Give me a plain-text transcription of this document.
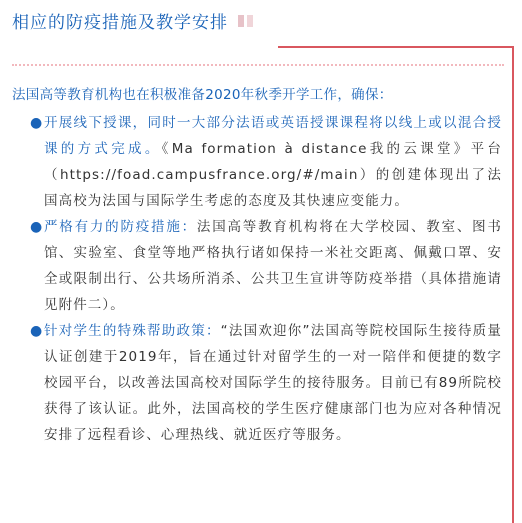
相应的防疫措施及教学安排

法国高等教育机构也在积极准备2020年秋季开学工作，确保：

● 开展线下授课，同时一大部分法语或英语授课课程将以线上或以混合授课的方式完成。《Ma formation à distance我的云课堂》平台（https://foad.campusfrance.org/#/main）的创建体现出了法国高校为法国与国际学生考虑的态度及其快速应变能力。
● 严格有力的防疫措施：法国高等教育机构将在大学校园、教室、图书馆、实验室、食堂等地严格执行诸如保持一米社交距离、佩戴口罩、安全或限制出行、公共场所消杀、公共卫生宣讲等防疫举措（具体措施请见附件二）。
● 针对学生的特殊帮助政策：“法国欢迎你”法国高等院校国际生接待质量认证创建于2019年，旨在通过针对留学生的一对一陪伴和便捷的数字校园平台，以改善法国高校对国际学生的接待服务。目前已有89所院校获得了该认证。此外，法国高校的学生医疗健康部门也为应对各种情况安排了远程看诊、心理热线、就近医疗等服务。
